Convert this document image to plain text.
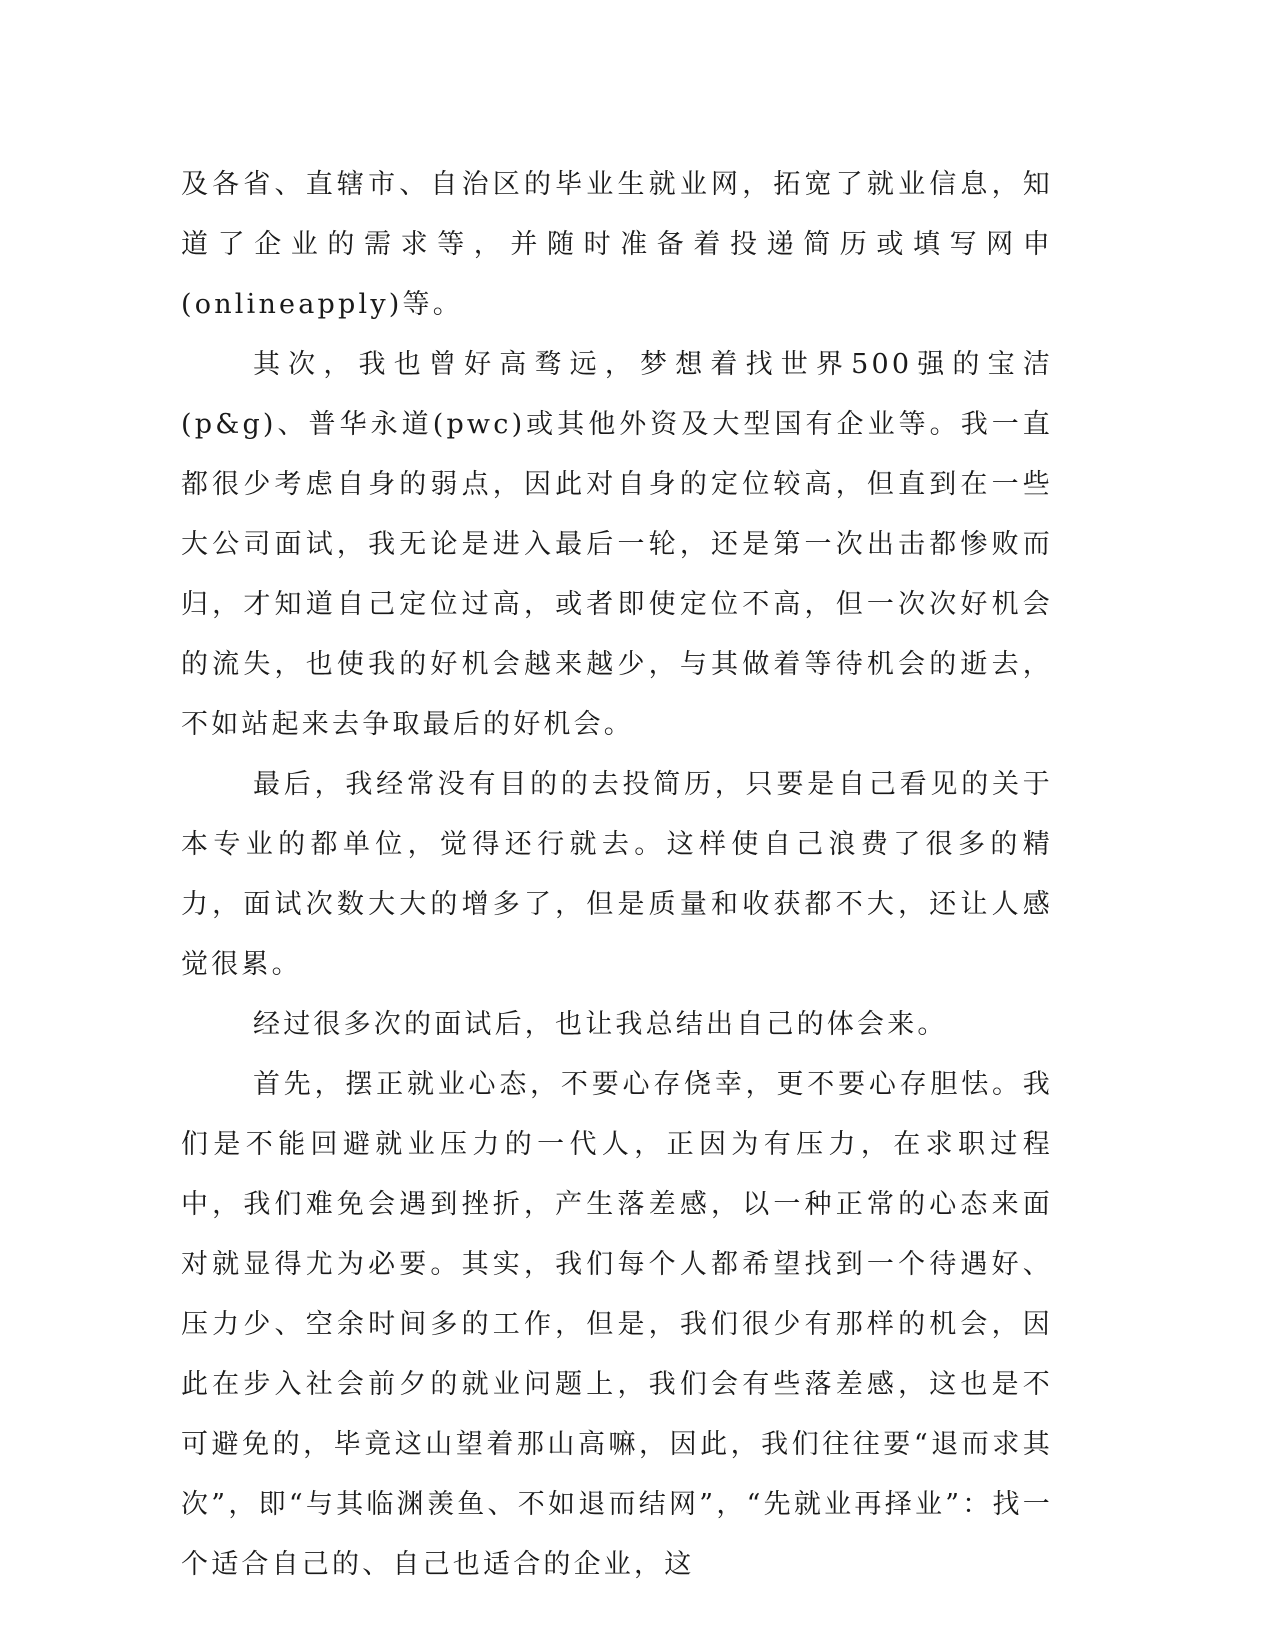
及各省、直辖市、自治区的毕业生就业网，拓宽了就业信息，知道了企业的需求等，并随时准备着投递简历或填写网申(onlineapply)等。

其次，我也曾好高骛远，梦想着找世界500强的宝洁(p&g)、普华永道(pwc)或其他外资及大型国有企业等。我一直都很少考虑自身的弱点，因此对自身的定位较高，但直到在一些大公司面试，我无论是进入最后一轮，还是第一次出击都惨败而归，才知道自己定位过高，或者即使定位不高，但一次次好机会的流失，也使我的好机会越来越少，与其做着等待机会的逝去，不如站起来去争取最后的好机会。

最后，我经常没有目的的去投简历，只要是自己看见的关于本专业的都单位，觉得还行就去。这样使自己浪费了很多的精力，面试次数大大的增多了，但是质量和收获都不大，还让人感觉很累。

经过很多次的面试后，也让我总结出自己的体会来。

首先，摆正就业心态，不要心存侥幸，更不要心存胆怯。我们是不能回避就业压力的一代人，正因为有压力，在求职过程中，我们难免会遇到挫折，产生落差感，以一种正常的心态来面对就显得尤为必要。其实，我们每个人都希望找到一个待遇好、压力少、空余时间多的工作，但是，我们很少有那样的机会，因此在步入社会前夕的就业问题上，我们会有些落差感，这也是不可避免的，毕竟这山望着那山高嘛，因此，我们往往要“退而求其次”，即“与其临渊羡鱼、不如退而结网”，“先就业再择业”：找一个适合自己的、自己也适合的企业，这
